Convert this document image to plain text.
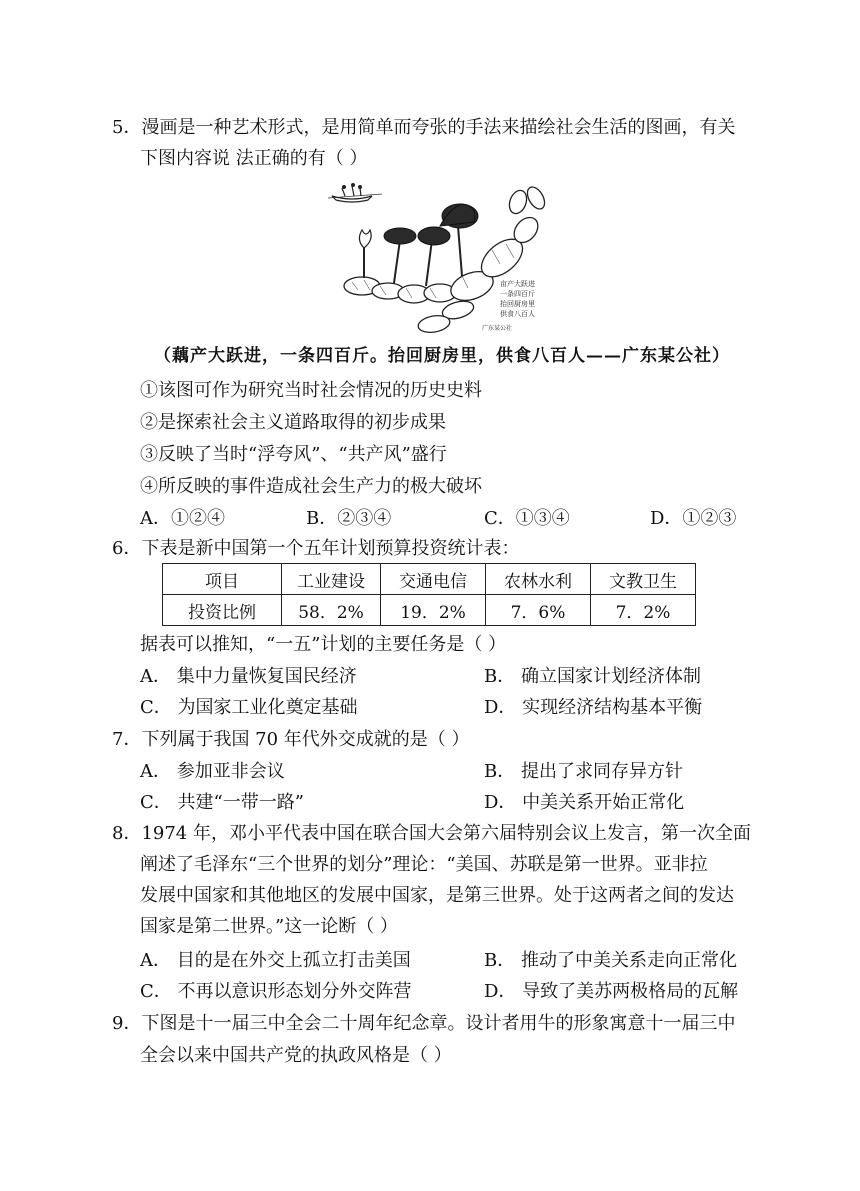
5．漫画是一种艺术形式，是用简单而夸张的手法来描绘社会生活的图画，有关
下图内容说 法正确的有（ ）
亩产大跃进
一条四百斤
抬回厨房里
供食八百人
广东某公社
（藕产大跃进，一条四百斤。抬回厨房里，供食八百人——广东某公社）
①该图可作为研究当时社会情况的历史史料
②是探索社会主义道路取得的初步成果
③反映了当时“浮夸风”、“共产风”盛行
④所反映的事件造成社会生产力的极大破坏
A．①②④	B．②③④	C．①③④	D．①②③
6．下表是新中国第一个五年计划预算投资统计表：
项目	工业建设	交通电信	农林水利	文教卫生
投资比例	58．2%	19．2%	7．6%	7．2%
据表可以推知，“一五”计划的主要任务是（ ）
A． 集中力量恢复国民经济	B． 确立国家计划经济体制
C． 为国家工业化奠定基础	D． 实现经济结构基本平衡
7．下列属于我国 70 年代外交成就的是（ ）
A． 参加亚非会议	B． 提出了求同存异方针
C． 共建“一带一路”	D． 中美关系开始正常化
8．1974 年，邓小平代表中国在联合国大会第六届特别会议上发言，第一次全面
阐述了毛泽东“三个世界的划分”理论：“美国、苏联是第一世界。亚非拉
发展中国家和其他地区的发展中国家，是第三世界。处于这两者之间的发达
国家是第二世界。”这一论断（ ）
A． 目的是在外交上孤立打击美国	B． 推动了中美关系走向正常化
C． 不再以意识形态划分外交阵营	D． 导致了美苏两极格局的瓦解
9．下图是十一届三中全会二十周年纪念章。设计者用牛的形象寓意十一届三中
全会以来中国共产党的执政风格是（ ）
